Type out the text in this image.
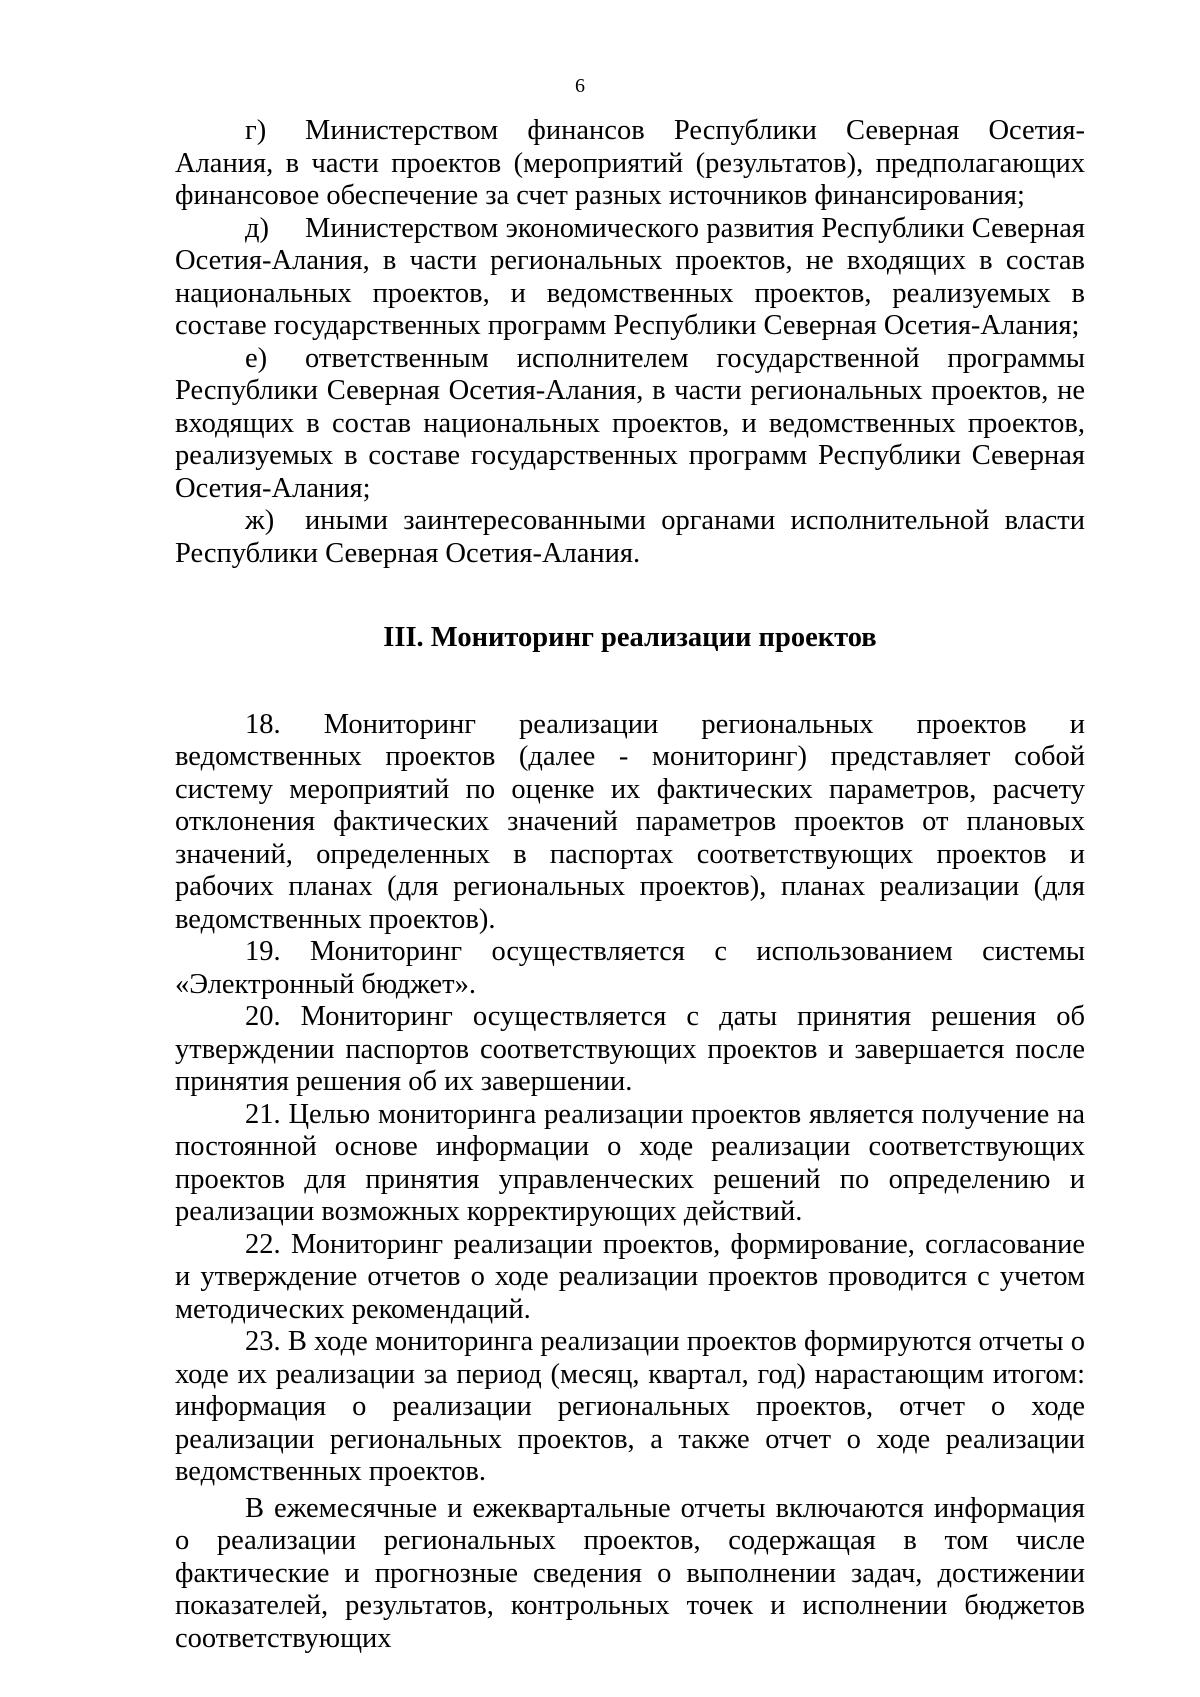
6

г) Министерством финансов Республики Северная Осетия-Алания, в части проектов (мероприятий (результатов), предполагающих финансовое обеспечение за счет разных источников финансирования;

д) Министерством экономического развития Республики Северная Осетия-Алания, в части региональных проектов, не входящих в состав национальных проектов, и ведомственных проектов, реализуемых в составе государственных программ Республики Северная Осетия-Алания;

е) ответственным исполнителем государственной программы Республики Северная Осетия-Алания, в части региональных проектов, не входящих в состав национальных проектов, и ведомственных проектов, реализуемых в составе государственных программ Республики Северная Осетия-Алания;

ж) иными заинтересованными органами исполнительной власти Республики Северная Осетия-Алания.

III. Мониторинг реализации проектов

18. Мониторинг реализации региональных проектов и ведомственных проектов (далее - мониторинг) представляет собой систему мероприятий по оценке их фактических параметров, расчету отклонения фактических значений параметров проектов от плановых значений, определенных в паспортах соответствующих проектов и рабочих планах (для региональных проектов), планах реализации (для ведомственных проектов).

19. Мониторинг осуществляется с использованием системы «Электронный бюджет».

20. Мониторинг осуществляется с даты принятия решения об утверждении паспортов соответствующих проектов и завершается после принятия решения об их завершении.

21. Целью мониторинга реализации проектов является получение на постоянной основе информации о ходе реализации соответствующих проектов для принятия управленческих решений по определению и реализации возможных корректирующих действий.

22. Мониторинг реализации проектов, формирование, согласование и утверждение отчетов о ходе реализации проектов проводится с учетом методических рекомендаций.

23. В ходе мониторинга реализации проектов формируются отчеты о ходе их реализации за период (месяц, квартал, год) нарастающим итогом: информация о реализации региональных проектов, отчет о ходе реализации региональных проектов, а также отчет о ходе реализации ведомственных проектов.

В ежемесячные и ежеквартальные отчеты включаются информация о реализации региональных проектов, содержащая в том числе фактические и прогнозные сведения о выполнении задач, достижении показателей, результатов, контрольных точек и исполнении бюджетов соответствующих
